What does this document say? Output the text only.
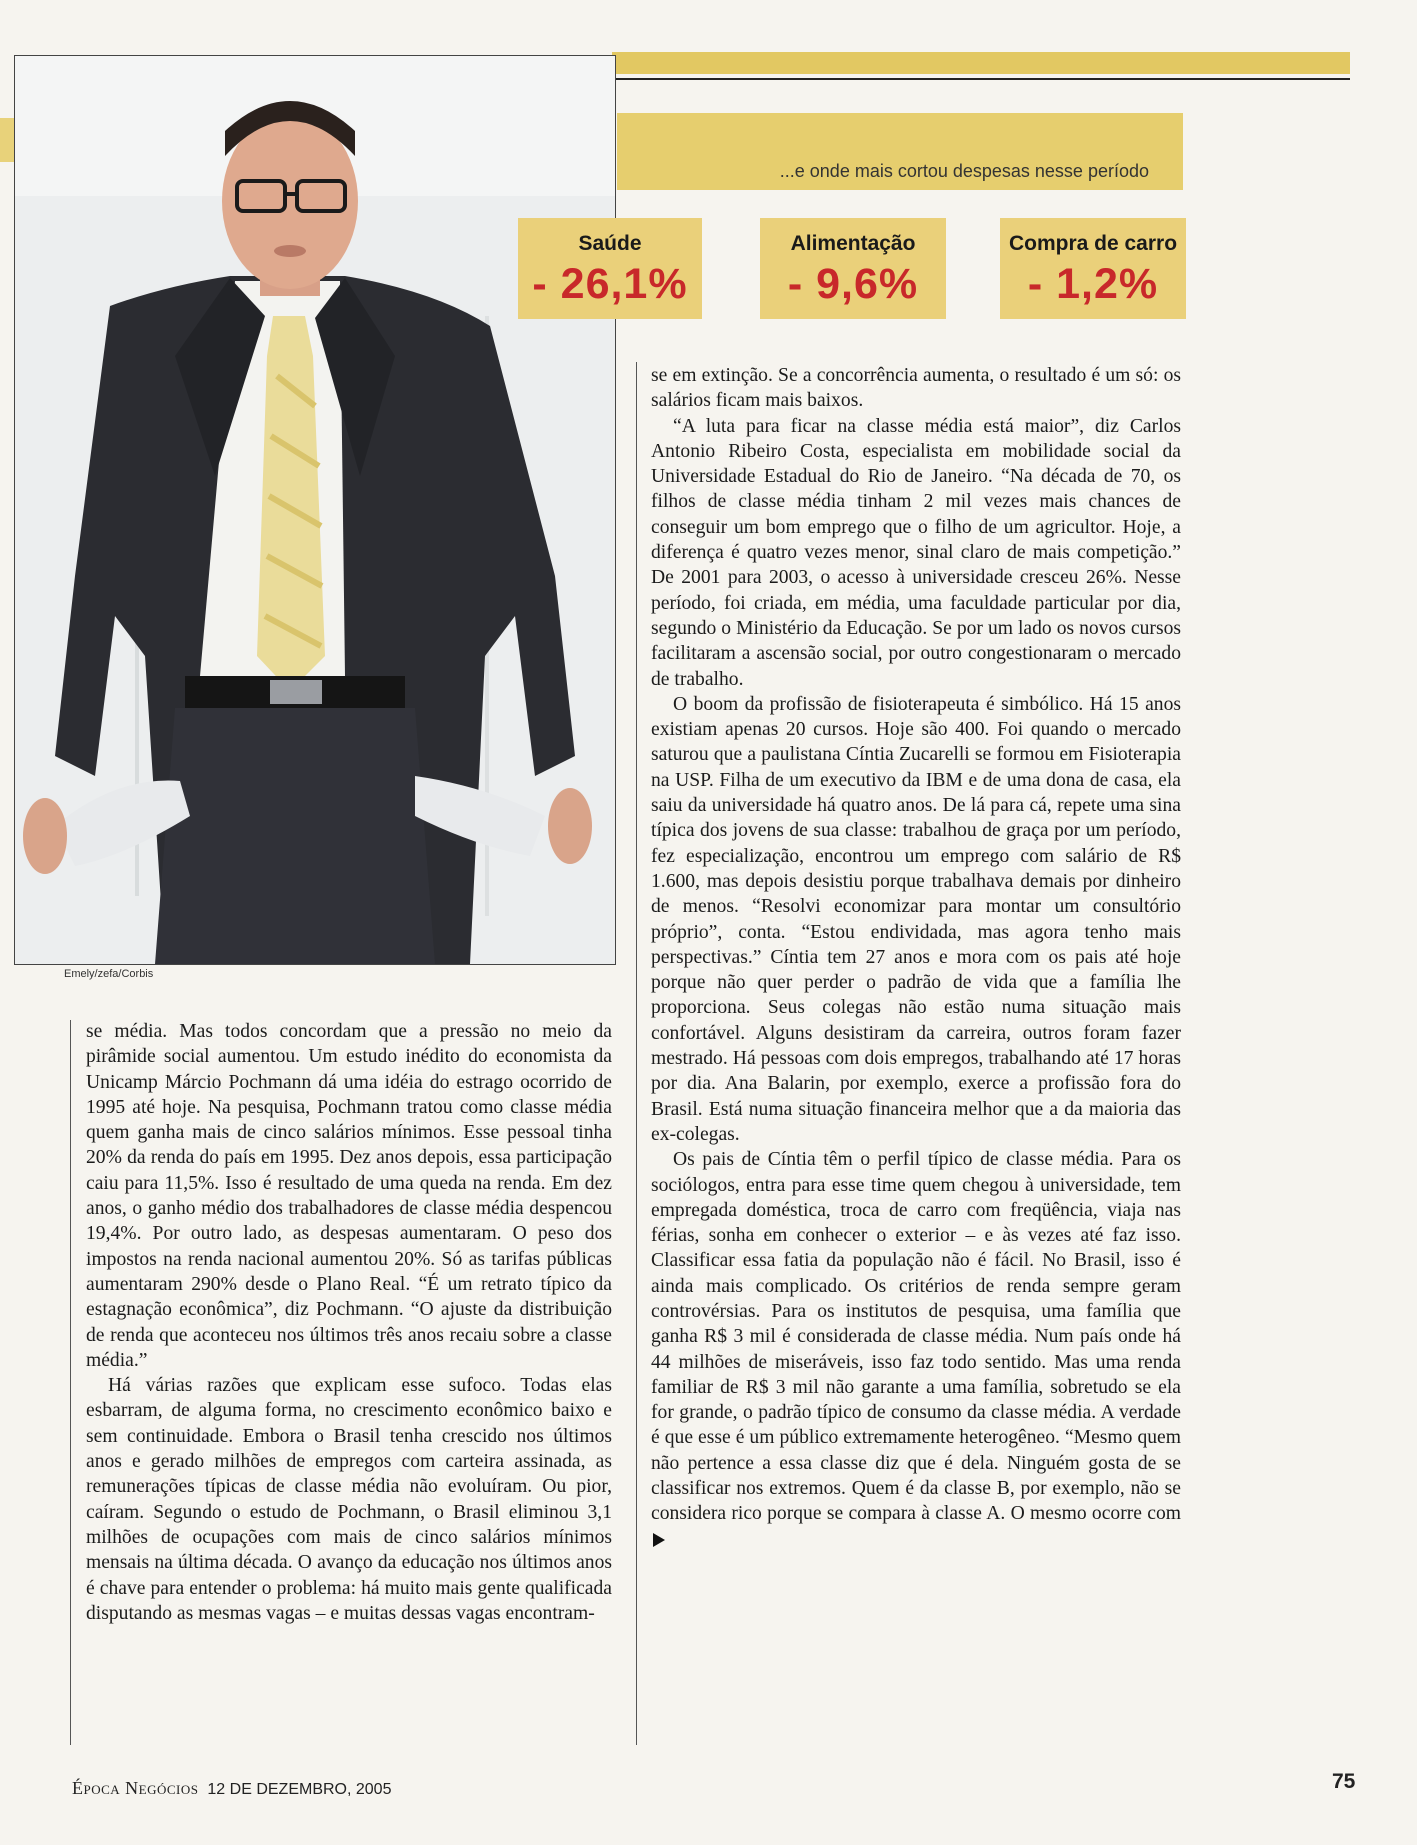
...e onde mais cortou despesas nesse período
Emely/zefa/Corbis
Saúde
- 26,1%
Alimentação
- 9,6%
Compra de carro
- 1,2%

se média. Mas todos concordam que a pressão no meio da pirâmide social aumentou. Um estudo inédito do economista da Unicamp Márcio Pochmann dá uma idéia do estrago ocorrido de 1995 até hoje. Na pesquisa, Pochmann tratou como classe média quem ganha mais de cinco salários mínimos. Esse pessoal tinha 20% da renda do país em 1995. Dez anos depois, essa participação caiu para 11,5%. Isso é resultado de uma queda na renda. Em dez anos, o ganho médio dos trabalhadores de classe média despencou 19,4%. Por outro lado, as despesas aumentaram. O peso dos impostos na renda nacional aumentou 20%. Só as tarifas públicas aumentaram 290% desde o Plano Real. “É um retrato típico da estagnação econômica”, diz Pochmann. “O ajuste da distribuição de renda que aconteceu nos últimos três anos recaiu sobre a classe média.”

Há várias razões que explicam esse sufoco. Todas elas esbarram, de alguma forma, no crescimento econômico baixo e sem continuidade. Embora o Brasil tenha crescido nos últimos anos e gerado milhões de empregos com carteira assinada, as remunerações típicas de classe média não evoluíram. Ou pior, caíram. Segundo o estudo de Pochmann, o Brasil eliminou 3,1 milhões de ocupações com mais de cinco salários mínimos mensais na última década. O avanço da educação nos últimos anos é chave para entender o problema: há muito mais gente qualificada disputando as mesmas vagas – e muitas dessas vagas encontram-

se em extinção. Se a concorrência aumenta, o resultado é um só: os salários ficam mais baixos.

“A luta para ficar na classe média está maior”, diz Carlos Antonio Ribeiro Costa, especialista em mobilidade social da Universidade Estadual do Rio de Janeiro. “Na década de 70, os filhos de classe média tinham 2 mil vezes mais chances de conseguir um bom emprego que o filho de um agricultor. Hoje, a diferença é quatro vezes menor, sinal claro de mais competição.” De 2001 para 2003, o acesso à universidade cresceu 26%. Nesse período, foi criada, em média, uma faculdade particular por dia, segundo o Ministério da Educação. Se por um lado os novos cursos facilitaram a ascensão social, por outro congestionaram o mercado de trabalho.

O boom da profissão de fisioterapeuta é simbólico. Há 15 anos existiam apenas 20 cursos. Hoje são 400. Foi quando o mercado saturou que a paulistana Cíntia Zucarelli se formou em Fisioterapia na USP. Filha de um executivo da IBM e de uma dona de casa, ela saiu da universidade há quatro anos. De lá para cá, repete uma sina típica dos jovens de sua classe: trabalhou de graça por um período, fez especialização, encontrou um emprego com salário de R$ 1.600, mas depois desistiu porque trabalhava demais por dinheiro de menos. “Resolvi economizar para montar um consultório próprio”, conta. “Estou endividada, mas agora tenho mais perspectivas.” Cíntia tem 27 anos e mora com os pais até hoje porque não quer perder o padrão de vida que a família lhe proporciona. Seus colegas não estão numa situação mais confortável. Alguns desistiram da carreira, outros foram fazer mestrado. Há pessoas com dois empregos, trabalhando até 17 horas por dia. Ana Balarin, por exemplo, exerce a profissão fora do Brasil. Está numa situação financeira melhor que a da maioria das ex-colegas.

Os pais de Cíntia têm o perfil típico de classe média. Para os sociólogos, entra para esse time quem chegou à universidade, tem empregada doméstica, troca de carro com freqüência, viaja nas férias, sonha em conhecer o exterior – e às vezes até faz isso. Classificar essa fatia da população não é fácil. No Brasil, isso é ainda mais complicado. Os critérios de renda sempre geram controvérsias. Para os institutos de pesquisa, uma família que ganha R$ 3 mil é considerada de classe média. Num país onde há 44 milhões de miseráveis, isso faz todo sentido. Mas uma renda familiar de R$ 3 mil não garante a uma família, sobretudo se ela for grande, o padrão típico de consumo da classe média. A verdade é que esse é um público extremamente heterogêneo. “Mesmo quem não pertence a essa classe diz que é dela. Ninguém gosta de se classificar nos extremos. Quem é da classe B, por exemplo, não se considera rico porque se compara à classe A. O mesmo ocorre com

Época Negócios 12 DE DEZEMBRO, 2005	75
